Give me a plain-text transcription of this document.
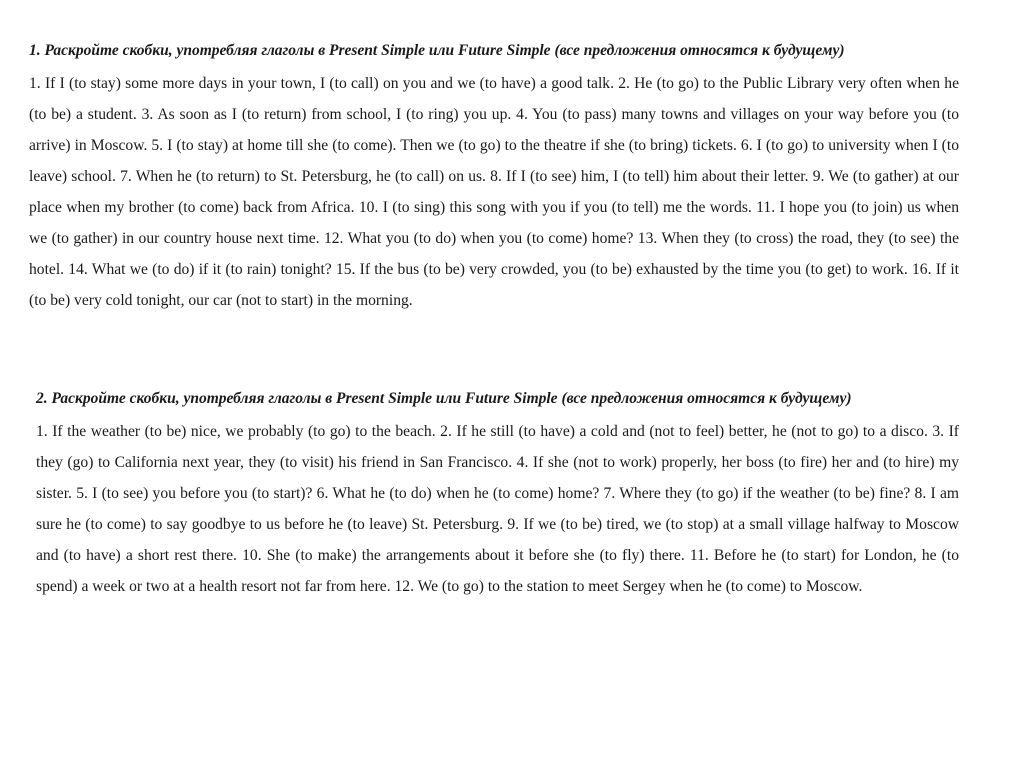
1. Раскройте скобки, употребляя глаголы в Present Simple или Future Simple (все предложения относятся к будущему)

1. If I (to stay) some more days in your town, I (to call) on you and we (to have) a good talk. 2. He (to go) to the Public Library very often when he (to be) a student. 3. As soon as I (to return) from school, I (to ring) you up. 4. You (to pass) many towns and villages on your way before you (to arrive) in Moscow. 5. I (to stay) at home till she (to come). Then we (to go) to the theatre if she (to bring) tickets. 6. I (to go) to university when I (to leave) school. 7. When he (to return) to St. Petersburg, he (to call) on us. 8. If I (to see) him, I (to tell) him about their letter. 9. We (to gather) at our place when my brother (to come) back from Africa. 10. I (to sing) this song with you if you (to tell) me the words. 11. I hope you (to join) us when we (to gather) in our country house next time. 12. What you (to do) when you (to come) home? 13. When they (to cross) the road, they (to see) the hotel. 14. What we (to do) if it (to rain) tonight? 15. If the bus (to be) very crowded, you (to be) exhausted by the time you (to get) to work. 16. If it (to be) very cold tonight, our car (not to start) in the morning.

2. Раскройте скобки, употребляя глаголы в Present Simple или Future Simple (все предложения относятся к будущему)

1. If the weather (to be) nice, we probably (to go) to the beach. 2. If he still (to have) a cold and (not to feel) better, he (not to go) to a disco. 3. If they (go) to California next year, they (to visit) his friend in San Francisco. 4. If she (not to work) properly, her boss (to fire) her and (to hire) my sister. 5. I (to see) you before you (to start)? 6. What he (to do) when he (to come) home? 7. Where they (to go) if the weather (to be) fine? 8. I am sure he (to come) to say goodbye to us before he (to leave) St. Petersburg. 9. If we (to be) tired, we (to stop) at a small village halfway to Moscow and (to have) a short rest there. 10. She (to make) the arrangements about it before she (to fly) there. 11. Before he (to start) for London, he (to spend) a week or two at a health resort not far from here. 12. We (to go) to the station to meet Sergey when he (to come) to Moscow.
